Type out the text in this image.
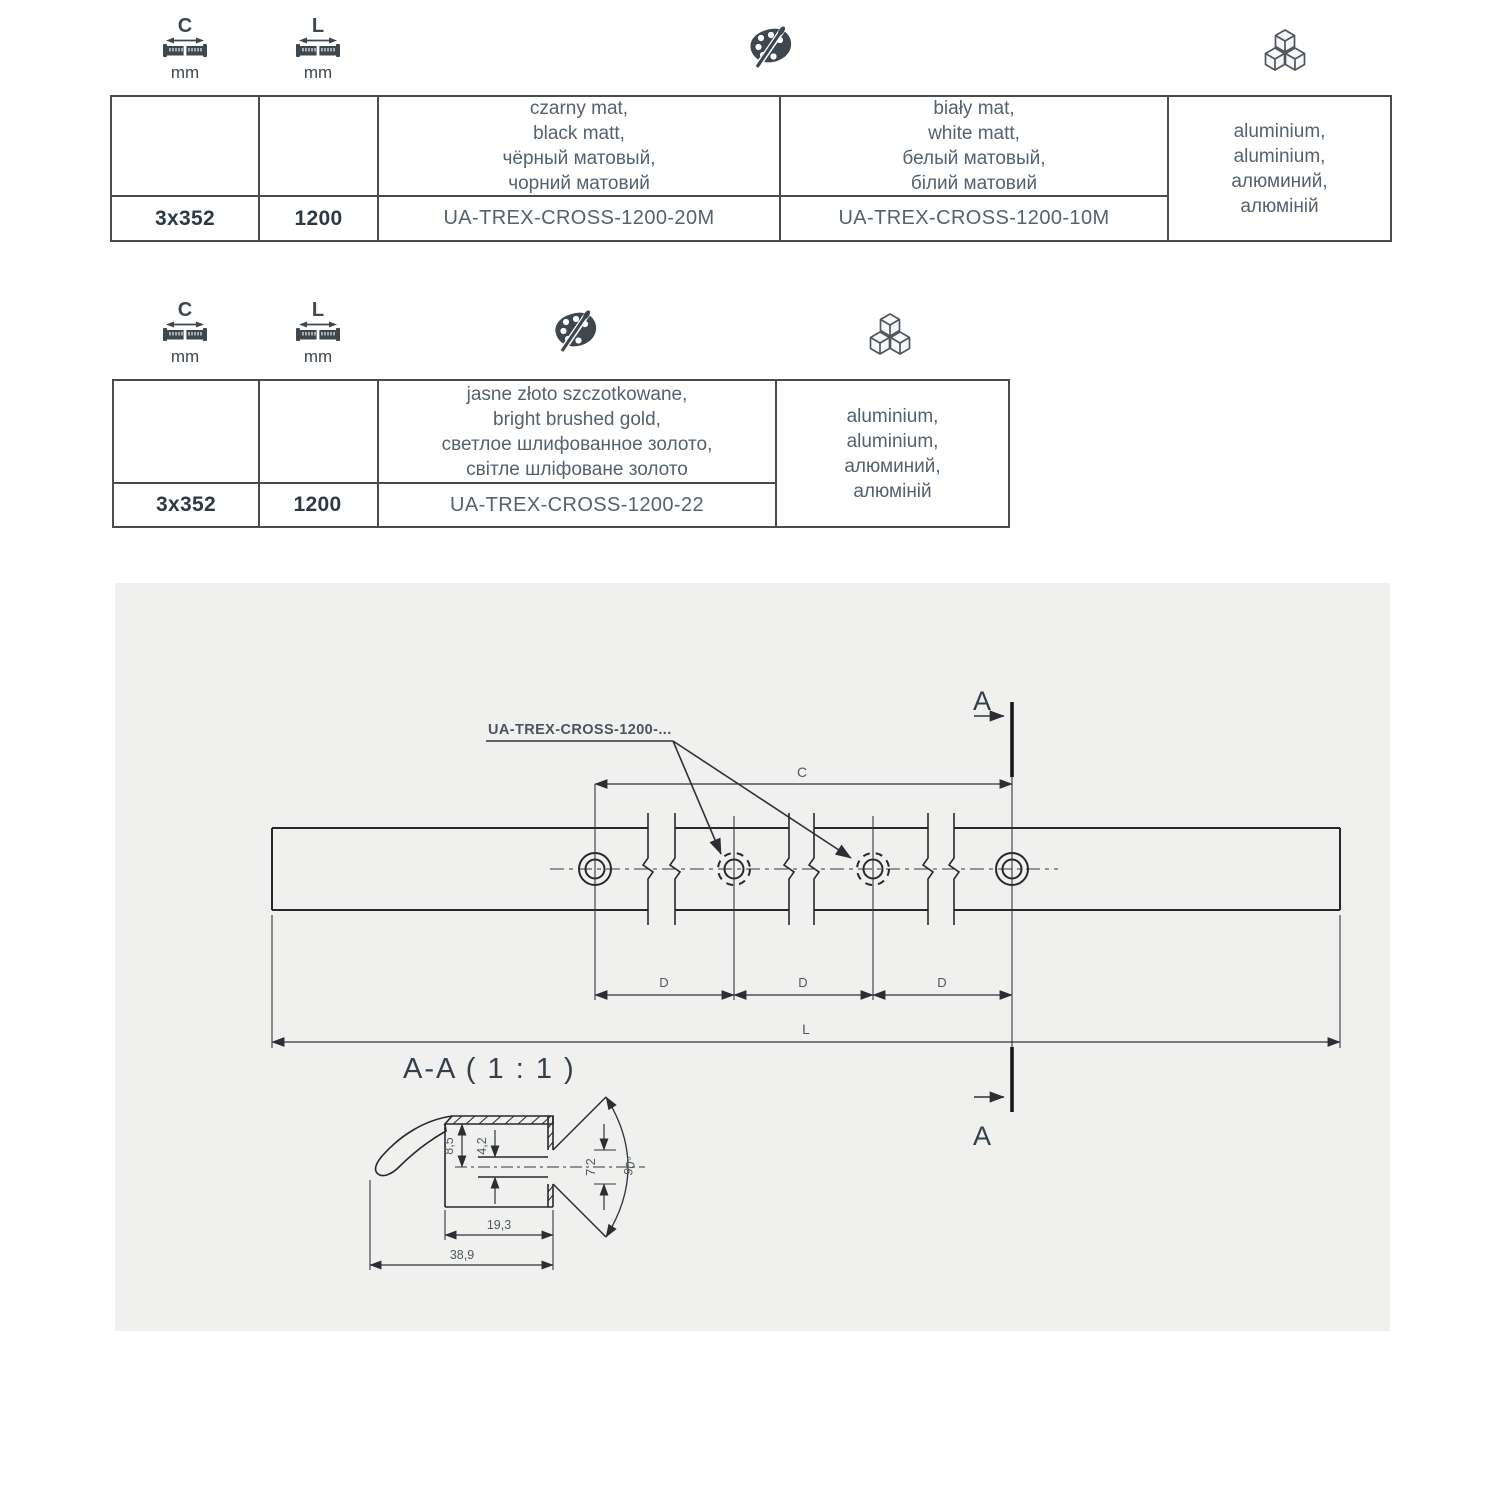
C
mm
L
mm
czarny mat,
black matt,
чёрный матовый,
чорний матовий
biały mat,
white matt,
белый матовый,
білий матовий
aluminium,
aluminium,
алюминий,
алюміній
3x352	1200	UA-TREX-CROSS-1200-20M	UA-TREX-CROSS-1200-10M
C
mm
L
mm
jasne złoto szczotkowane,
bright brushed gold,
светлое шлифованное золото,
світле шліфоване золото
aluminium,
aluminium,
алюминий,
алюміній
3x352	1200	UA-TREX-CROSS-1200-22
UA-TREX-CROSS-1200-...
A
A
C
D	D	D
L
A-A ( 1 : 1 )
90°
8,5 4,2
7,2
19,3
38,9
